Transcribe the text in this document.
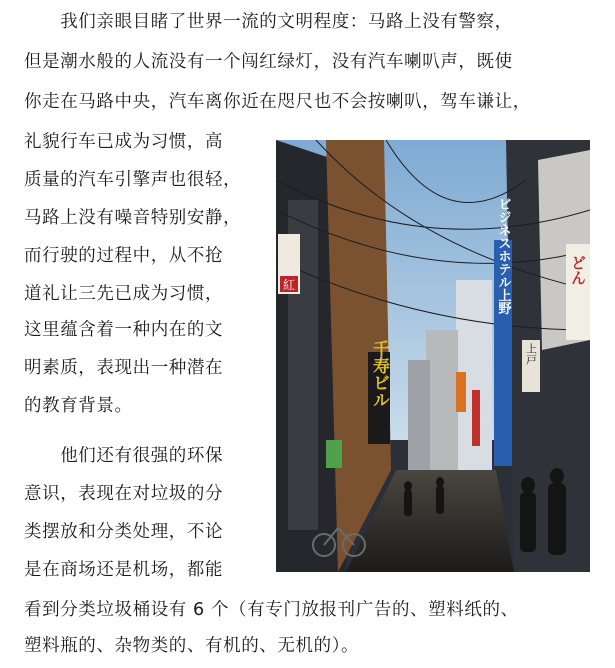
　　我们亲眼目睹了世界一流的文明程度：马路上没有警察，
但是潮水般的人流没有一个闯红绿灯，没有汽车喇叭声，既使
你走在马路中央，汽车离你近在咫尺也不会按喇叭，驾车谦让，
礼貌行车已成为习惯，高
质量的汽车引擎声也很轻，
马路上没有噪音特别安静，
而行驶的过程中，从不抢
道礼让三先已成为习惯，
这里蕴含着一种内在的文
明素质，表现出一种潜在
的教育背景。
　　他们还有很强的环保
意识，表现在对垃圾的分
类摆放和分类处理，不论
是在商场还是机场，都能
看到分类垃圾桶设有 6 个（有专门放报刊广告的、塑料纸的、
塑料瓶的、杂物类的、有机的、无机的）。
紅
千寿ビル
ビジネスホテル上野	どん
上戸
